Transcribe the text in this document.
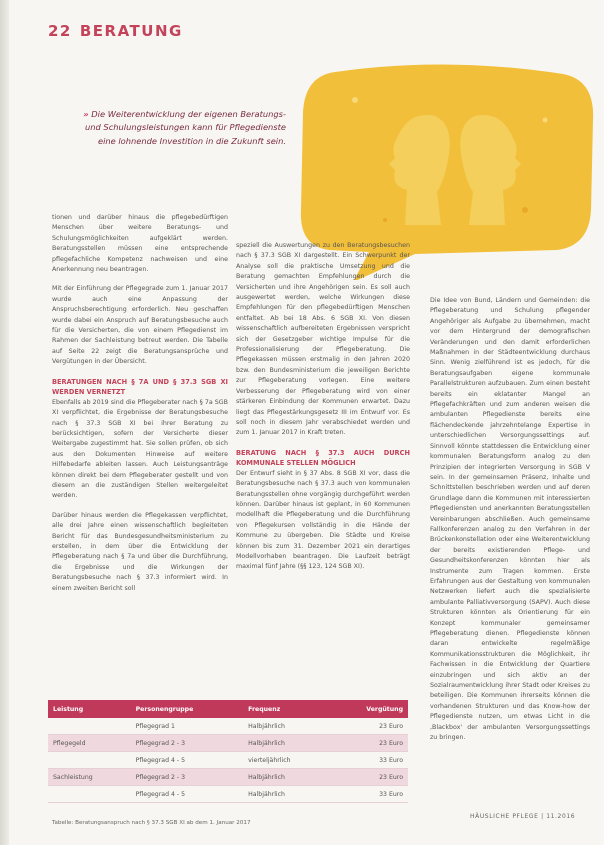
22 BERATUNG
» Die Weiterentwicklung der eigenen Beratungs- und Schulungsleistungen kann für Pflegedienste eine lohnende Investition in die Zukunft sein.

tionen und darüber hinaus die pflegebedürftigen Menschen über weitere Beratungs- und Schulungsmöglichkeiten aufgeklärt werden. Beratungsstellen müssen eine entsprechende pflegefachliche Kompetenz nachweisen und eine Anerkennung neu beantragen.

Mit der Einführung der Pflegegrade zum 1. Januar 2017 wurde auch eine Anpassung der Anspruchsberechtigung erforderlich. Neu geschaffen wurde dabei ein Anspruch auf Beratungsbesuche auch für die Versicherten, die von einem Pflegedienst im Rahmen der Sachleistung betreut werden. Die Tabelle auf Seite 22 zeigt die Beratungsansprüche und Vergütungen in der Übersicht.

BERATUNGEN NACH § 7A UND § 37.3 SGB XI WERDEN VERNETZT

Ebenfalls ab 2019 sind die Pflegeberater nach § 7a SGB XI verpflichtet, die Ergebnisse der Beratungsbesuche nach § 37.3 SGB XI bei ihrer Beratung zu berücksichtigen, sofern der Versicherte dieser Weitergabe zugestimmt hat. Sie sollen prüfen, ob sich aus den Dokumenten Hinweise auf weitere Hilfebedarfe ableiten lassen. Auch Leistungsanträge können direkt bei dem Pflegeberater gestellt und von diesem an die zuständigen Stellen weitergeleitet werden.

Darüber hinaus werden die Pflegekassen verpflichtet, alle drei Jahre einen wissenschaftlich begleiteten Bericht für das Bundesgesundheitsministerium zu erstellen, in dem über die Entwicklung der Pflegeberatung nach § 7a und über die Durchführung, die Ergebnisse und die Wirkungen der Beratungsbesuche nach § 37.3 informiert wird. In einem zweiten Bericht soll

speziell die Auswertungen zu den Beratungsbesuchen nach § 37.3 SGB XI dargestellt. Ein Schwerpunkt der Analyse soll die praktische Umsetzung und die Beratung gemachten Empfehlungen durch die Versicherten und ihre Angehörigen sein. Es soll auch ausgewertet werden, welche Wirkungen diese Empfehlungen für den pflegebedürftigen Menschen entfaltet. Ab bei 18 Abs. 6 SGB XI. Von diesen wissenschaftlich aufbereiteten Ergebnissen verspricht sich der Gesetzgeber wichtige Impulse für die Professionalisierung der Pflegeberatung. Die Pflegekassen müssen erstmalig in den Jahren 2020 bzw. den Bundesministerium die jeweiligen Berichte zur Pflegeberatung vorlegen. Eine weitere Verbesserung der Pflegeberatung wird von einer stärkeren Einbindung der Kommunen erwartet. Dazu liegt das Pflegestärkungsgesetz III im Entwurf vor. Es soll noch in diesem Jahr verabschiedet werden und zum 1. Januar 2017 in Kraft treten.

BERATUNG NACH § 37.3 AUCH DURCH KOMMUNALE STELLEN MÖGLICH

Der Entwurf sieht in § 37 Abs. 8 SGB XI vor, dass die Beratungsbesuche nach § 37.3 auch von kommunalen Beratungsstellen ohne vorgängig durchgeführt werden können. Darüber hinaus ist geplant, in 60 Kommunen modellhaft die Pflegeberatung und die Durchführung von Pflegekursen vollständig in die Hände der Kommune zu übergeben. Die Städte und Kreise können bis zum 31. Dezember 2021 ein derartiges Modellvorhaben beantragen. Die Laufzeit beträgt maximal fünf Jahre (§§ 123, 124 SGB XI).

Die Idee von Bund, Ländern und Gemeinden: die Pflegeberatung und Schulung pflegender Angehöriger als Aufgabe zu übernehmen, macht vor dem Hintergrund der demografischen Veränderungen und den damit erforderlichen Maßnahmen in der Städteentwicklung durchaus Sinn. Wenig zielführend ist es jedoch, für die Beratungsaufgaben eigene kommunale Parallelstrukturen aufzubauen. Zum einen besteht bereits ein eklatanter Mangel an Pflegefachkräften und zum anderen weisen die ambulanten Pflegedienste bereits eine flächendeckende jahrzehntelange Expertise in unterschiedlichen Versorgungssettings auf. Sinnvoll könnte stattdessen die Entwicklung einer kommunalen Beratungsform analog zu den Prinzipien der integrierten Versorgung in SGB V sein. In der gemeinsamen Präsenz, Inhalte und Schnittstellen beschrieben werden und auf deren Grundlage dann die Kommunen mit interessierten Pflegediensten und anerkannten Beratungsstellen Vereinbarungen abschließen. Auch gemeinsame Fallkonferenzen analog zu den Verfahren in der Brückenkonstellation oder eine Weiterentwicklung der bereits existierenden Pflege- und Gesundheitskonferenzen könnten hier als Instrumente zum Tragen kommen. Erste Erfahrungen aus der Gestaltung von kommunalen Netzwerken liefert auch die spezialisierte ambulante Palliativversorgung (SAPV). Auch diese Strukturen könnten als Orientierung für ein Konzept kommunaler gemeinsamer Pflegeberatung dienen. Pflegedienste können daran entwickelte regelmäßige Kommunikationsstrukturen die Möglichkeit, ihr Fachwissen in die Entwicklung der Quartiere einzubringen und sich aktiv an der Sozialraumentwicklung ihrer Stadt oder Kreises zu beteiligen. Die Kommunen ihrerseits können die vorhandenen Strukturen und das Know-how der Pflegedienste nutzen, um etwas Licht in die ‚Blackbox' der ambulanten Versorgungssettings zu bringen.

Leistung	Personengruppe	Frequenz	Vergütung
	Pflegegrad 1	Halbjährlich	23 Euro
Pflegegeld	Pflegegrad 2 - 3	Halbjährlich	23 Euro
	Pflegegrad 4 - 5	vierteljährlich	33 Euro
Sachleistung	Pflegegrad 2 - 3	Halbjährlich	23 Euro
	Pflegegrad 4 - 5	Halbjährlich	33 Euro
Tabelle: Beratungsanspruch nach § 37.3 SGB XI ab dem 1. Januar 2017
HÄUSLICHE PFLEGE | 11.2016
